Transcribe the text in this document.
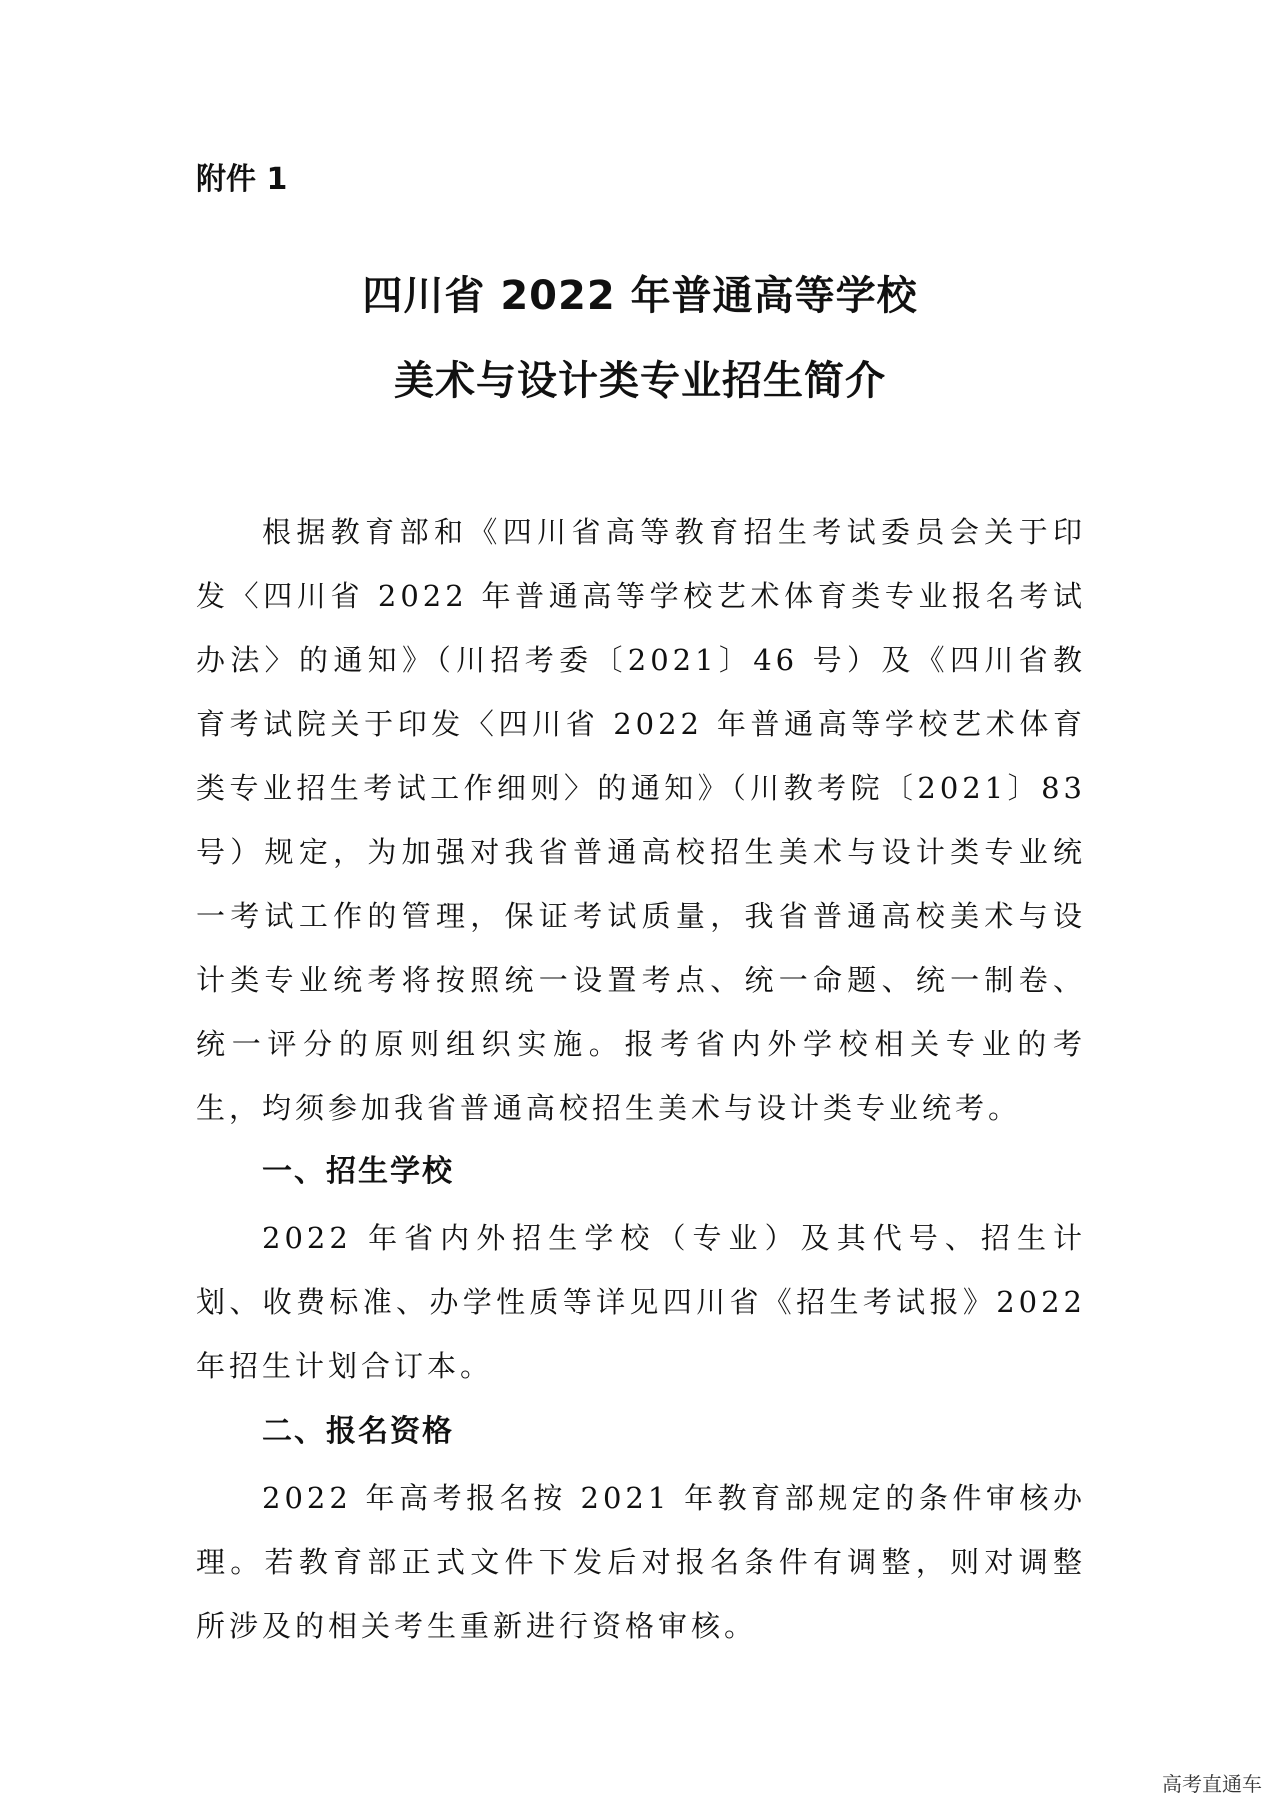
附件 1
四川省 2022 年普通高等学校
美术与设计类专业招生简介
根据教育部和《四川省高等教育招生考试委员会关于印发〈四川省 2022 年普通高等学校艺术体育类专业报名考试办法〉的通知》（川招考委〔2021〕46 号）及《四川省教育考试院关于印发〈四川省 2022 年普通高等学校艺术体育类专业招生考试工作细则〉的通知》（川教考院〔2021〕83 号）规定，为加强对我省普通高校招生美术与设计类专业统一考试工作的管理，保证考试质量，我省普通高校美术与设计类专业统考将按照统一设置考点、统一命题、统一制卷、统一评分的原则组织实施。报考省内外学校相关专业的考生，均须参加我省普通高校招生美术与设计类专业统考。
一、招生学校
2022 年省内外招生学校（专业）及其代号、招生计划、收费标准、办学性质等详见四川省《招生考试报》2022 年招生计划合订本。
二、报名资格
2022 年高考报名按 2021 年教育部规定的条件审核办理。若教育部正式文件下发后对报名条件有调整，则对调整所涉及的相关考生重新进行资格审核。
高考直通车
